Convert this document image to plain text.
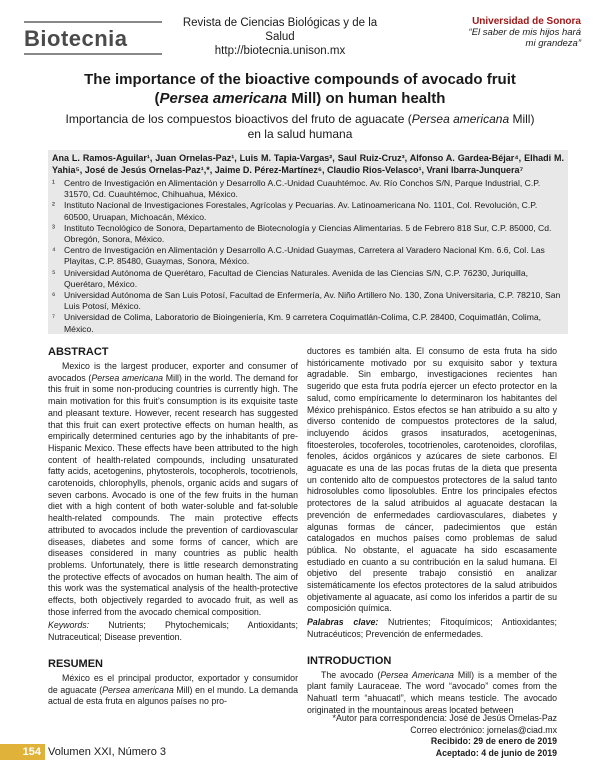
Biotecnia
Revista de Ciencias Biológicas y de la Salud
http://biotecnia.unison.mx
Universidad de Sonora
“El saber de mis hijos hará
mi grandeza”
The importance of the bioactive compounds of avocado fruit
(Persea americana Mill) on human health
Importancia de los compuestos bioactivos del fruto de aguacate (Persea americana Mill)
en la salud humana
Ana L. Ramos-Aguilar¹, Juan Ornelas-Paz¹, Luis M. Tapia-Vargas², Saul Ruiz-Cruz³, Alfonso A. Gardea-Béjar⁴, Elhadi M. Yahia⁵, José de Jesús Ornelas-Paz¹,*, Jaime D. Pérez-Martínez⁶, Claudio Rios-Velasco¹, Vrani Ibarra-Junquera⁷
¹	Centro de Investigación en Alimentación y Desarrollo A.C.-Unidad Cuauhtémoc. Av. Río Conchos S/N, Parque Industrial, C.P. 31570, Cd. Cuauhtémoc, Chihuahua, México.
²	Instituto Nacional de Investigaciones Forestales, Agrícolas y Pecuarias. Av. Latinoamericana No. 1101, Col. Revolución, C.P. 60500, Uruapan, Michoacán, México.
³	Instituto Tecnológico de Sonora, Departamento de Biotecnología y Ciencias Alimentarias. 5 de Febrero 818 Sur, C.P. 85000, Cd. Obregón, Sonora, México.
⁴ Centro de Investigación en Alimentación y Desarrollo A.C.-Unidad Guaymas, Carretera al Varadero Nacional Km. 6.6, Col. Las Playitas, C.P. 85480, Guaymas, Sonora, México.
⁵ Universidad Autónoma de Querétaro, Facultad de Ciencias Naturales. Avenida de las Ciencias S/N, C.P. 76230, Juriquilla, Querétaro, México.
⁶ Universidad Autónoma de San Luis Potosí, Facultad de Enfermería, Av. Niño Artillero No. 130, Zona Universitaria, C.P. 78210, San Luis Potosí, México.
⁷	Universidad de Colima, Laboratorio de Bioingeniería, Km. 9 carretera Coquimatlán-Colima, C.P. 28400, Coquimatlán, Colima, México.
ABSTRACT

Mexico is the largest producer, exporter and consumer of avocados (Persea americana Mill) in the world. The demand for this fruit in some non-producing countries is currently high. The main motivation for this fruit’s consumption is its exquisite taste and pleasant texture. However, recent research has suggested that this fruit can exert protective effects on human health, as empirically determined centuries ago by the inhabitants of pre-Hispanic Mexico. These effects have been attributed to the high content of health-related compounds, including unsaturated fatty acids, acetogenins, phytosterols, tocopherols, tocotrienols, carotenoids, chlorophylls, phenols, organic acids and sugars of seven carbons. Avocado is one of the few fruits in the human diet with a high content of both water-soluble and fat-soluble health-related compounds. The main protective effects attributed to avocados include the prevention of cardiovascular diseases, diabetes and some forms of cancer, which are diseases considered in many countries as public health problems. Unfortunately, there is little research demonstrating the protective effects of avocados on human health. The aim of this work was the systematical analysis of the health-protective effects, both objectively regarded to avocado fruit, as well as those inferred from the avocado chemical composition.

Keywords: Nutrients; Phytochemicals; Antioxidants; Nutraceutical; Disease prevention.

RESUMEN

México es el principal productor, exportador y consumidor de aguacate (Persea americana Mill) en el mundo. La demanda actual de esta fruta en algunos países no pro-

ductores es también alta. El consumo de esta fruta ha sido históricamente motivado por su exquisito sabor y textura agradable. Sin embargo, investigaciones recientes han sugerido que esta fruta podría ejercer un efecto protector en la salud, como empíricamente lo determinaron los habitantes del México prehispánico. Estos efectos se han atribuido a su alto y diverso contenido de compuestos protectores de la salud, incluyendo ácidos grasos insaturados, acetogeninas, fitoesteroles, tocoferoles, tocotrienoles, carotenoides, clorofilas, fenoles, ácidos orgánicos y azúcares de siete carbonos. El aguacate es una de las pocas frutas de la dieta que presenta un contenido alto de compuestos protectores de la salud tanto hidrosolubles como liposolubles. Entre los principales efectos protectores de la salud atribuidos al aguacate destacan la prevención de enfermedades cardiovasculares, diabetes y algunas formas de cáncer, padecimientos que están catalogados en muchos países como problemas de salud pública. No obstante, el aguacate ha sido escasamente estudiado en cuanto a su contribución en la salud humana. El objetivo del presente trabajo consistió en analizar sistemáticamente los efectos protectores de la salud atribuidos objetivamente al aguacate, así como los inferidos a partir de su composición química.

Palabras clave: Nutrientes; Fitoquímicos; Antioxidantes; Nutracéuticos; Prevención de enfermedades.

INTRODUCTION

The avocado (Persea Americana Mill) is a member of the plant family Lauraceae. The word “avocado” comes from the Nahuatl term “ahuacatl”, which means testicle. The avocado originated in the mountainous areas located between

*Autor para correspondencia: José de Jesús Ornelas-Paz
Correo electrónico: jornelas@ciad.mx
Recibido: 29 de enero de 2019
Aceptado: 4 de junio de 2019
154 Volumen XXI, Número 3
